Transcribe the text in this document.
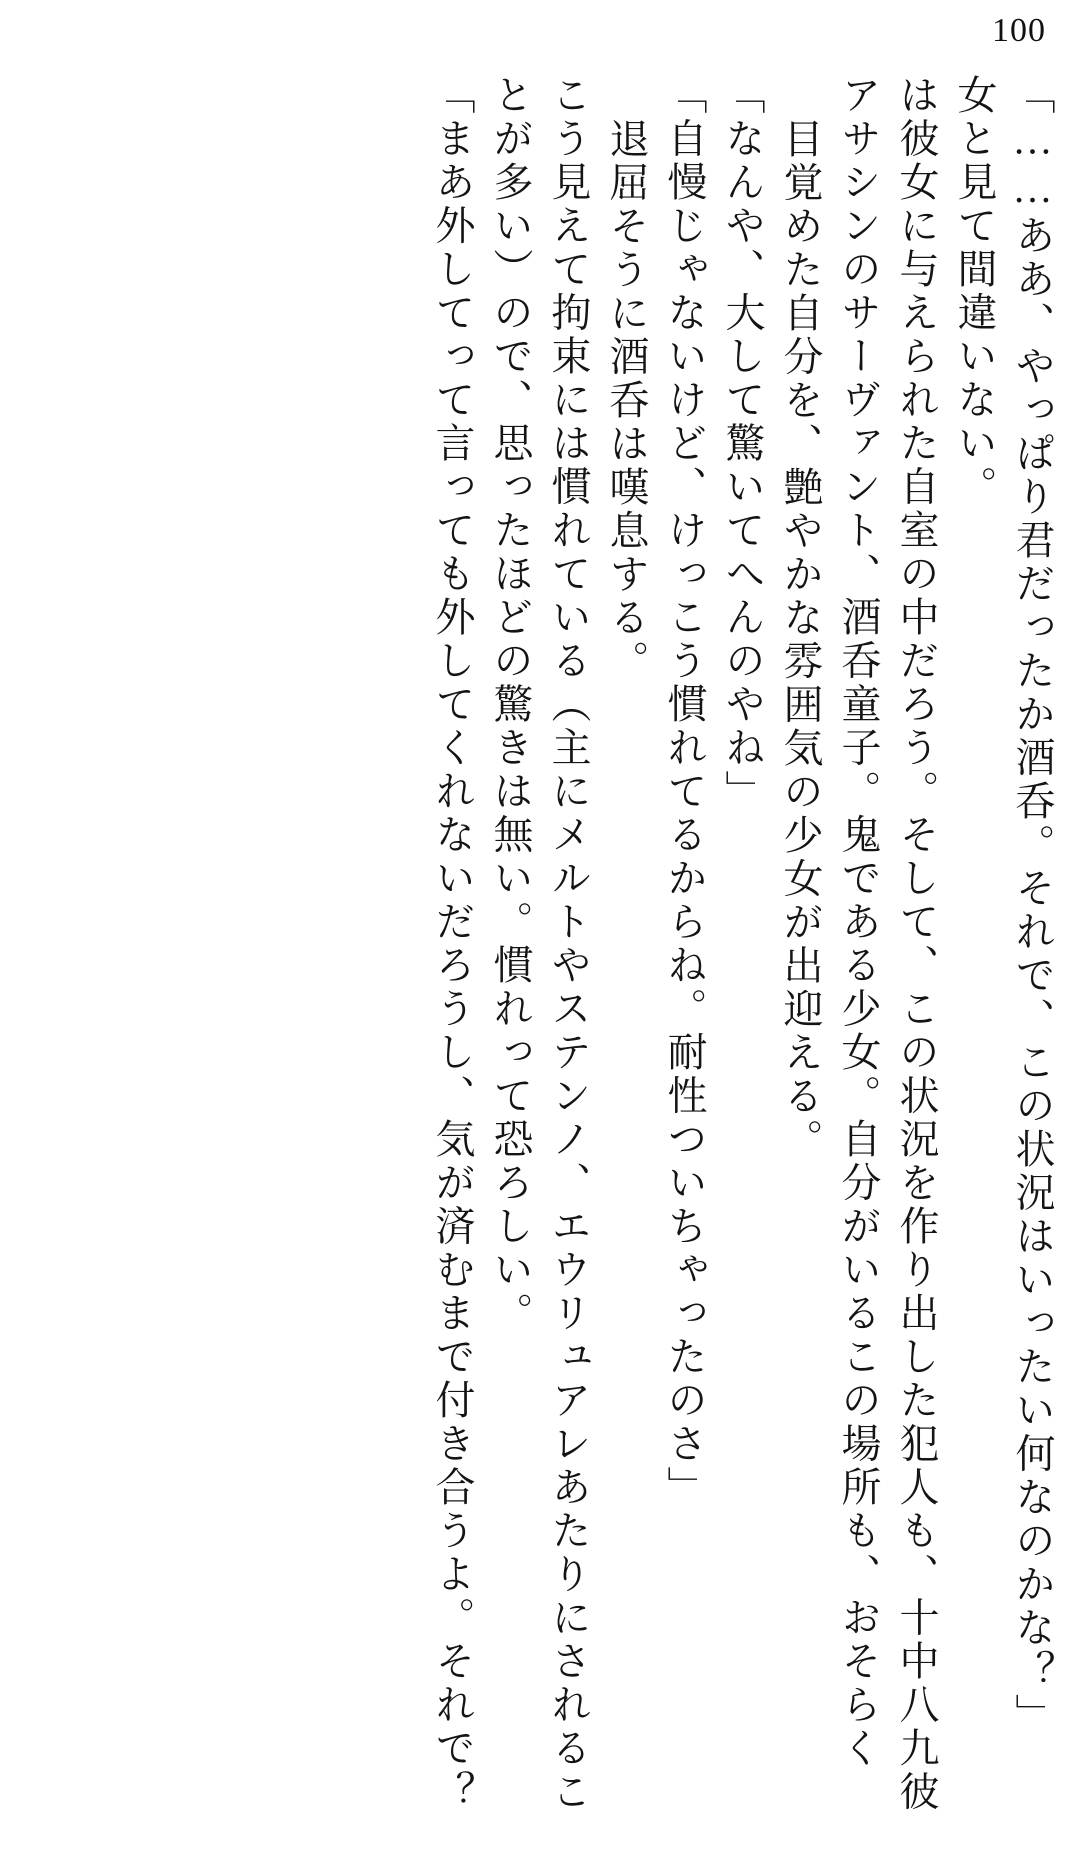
100
「……ああ、やっぱり君だったか酒呑。それで、この状況はいったい何なのかな？」
女と見て間違いない。
は彼女に与えられた自室の中だろう。そして、この状況を作り出した犯人も、十中八九彼
アサシンのサーヴァント、酒呑童子。鬼である少女。自分がいるこの場所も、おそらく
目覚めた自分を、艶やかな雰囲気の少女が出迎える。
「なんや、大して驚いてへんのやね」
「自慢じゃないけど、けっこう慣れてるからね。耐性ついちゃったのさ」
退屈そうに酒呑は嘆息する。
こう見えて拘束には慣れている（主にメルトやステンノ、エウリュアレあたりにされるこ
とが多い）ので、思ったほどの驚きは無い。慣れって恐ろしい。
「まあ外してって言っても外してくれないだろうし、気が済むまで付き合うよ。それで？
